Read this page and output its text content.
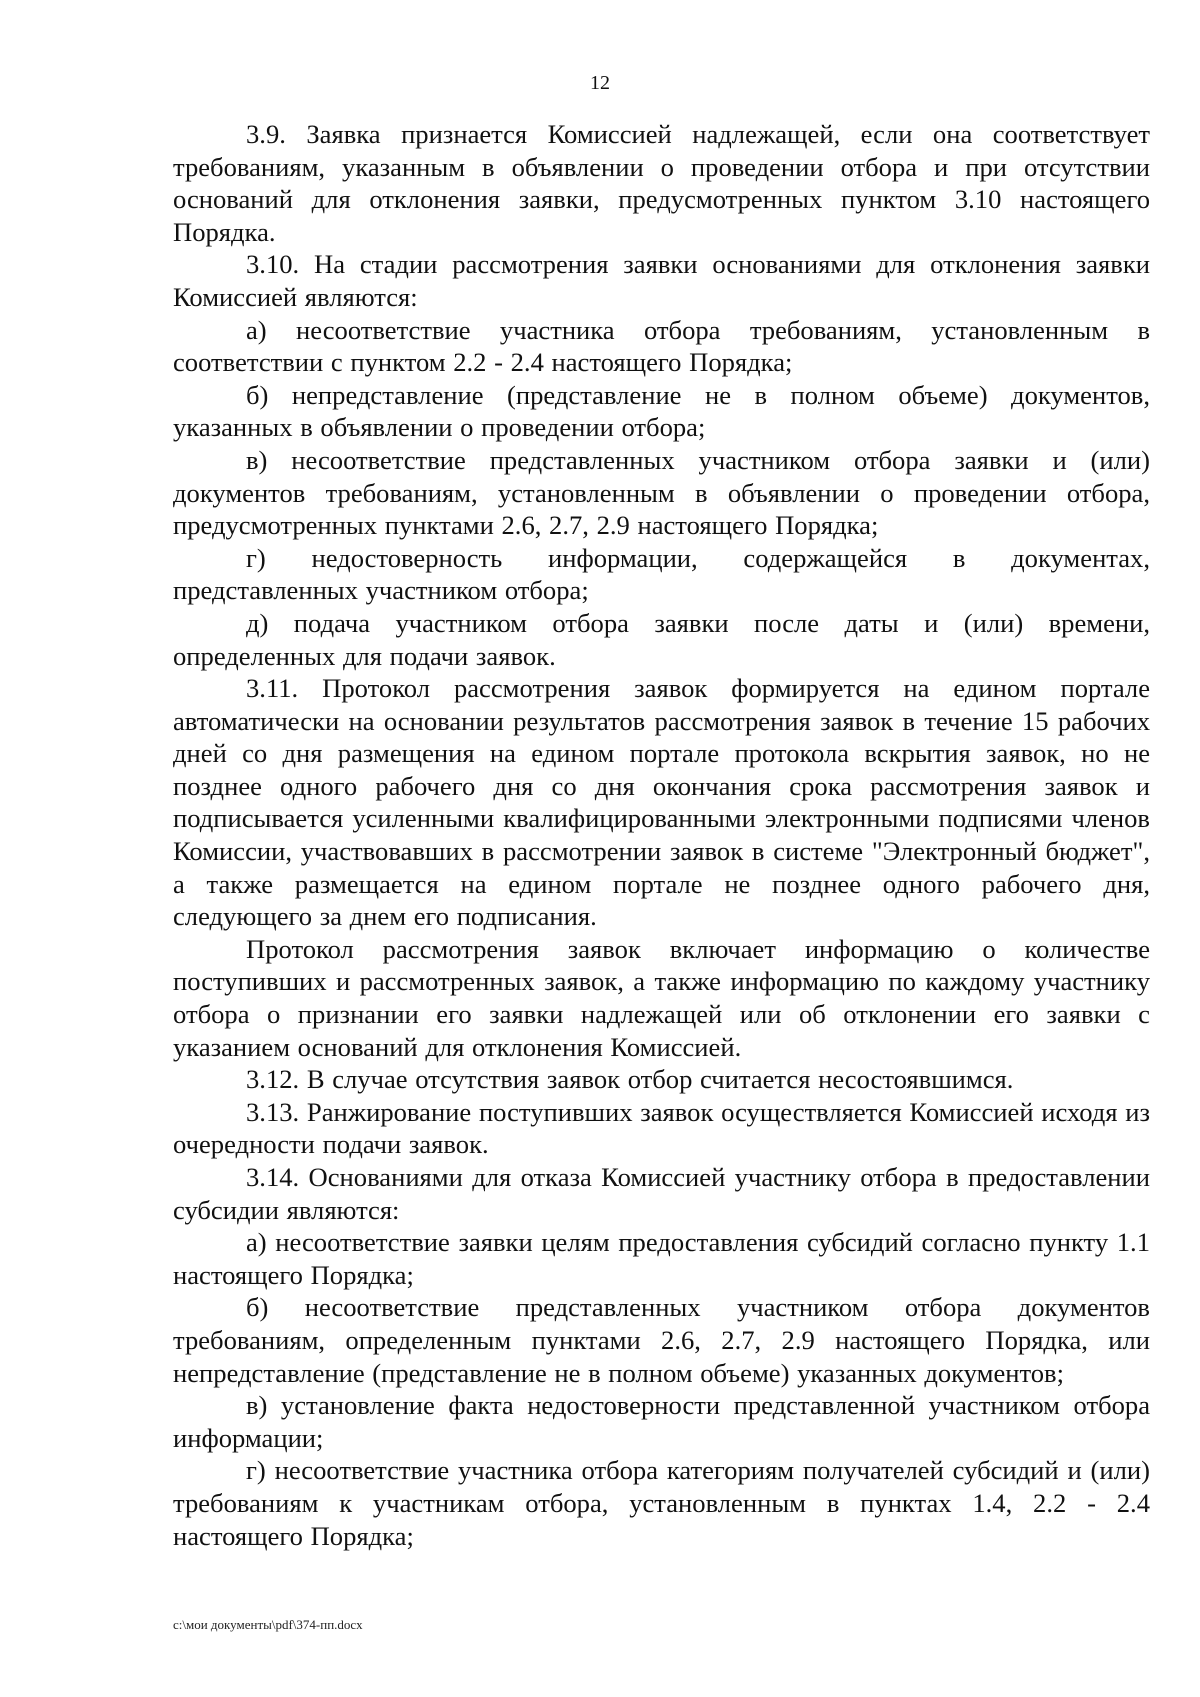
12

3.9. Заявка признается Комиссией надлежащей, если она соответствует требованиям, указанным в объявлении о проведении отбора и при отсутствии оснований для отклонения заявки, предусмотренных пунктом 3.10 настоящего Порядка.

3.10. На стадии рассмотрения заявки основаниями для отклонения заявки Комиссией являются:

а) несоответствие участника отбора требованиям, установленным в соответствии с пунктом 2.2 - 2.4 настоящего Порядка;

б) непредставление (представление не в полном объеме) документов, указанных в объявлении о проведении отбора;

в) несоответствие представленных участником отбора заявки и (или) документов требованиям, установленным в объявлении о проведении отбора, предусмотренных пунктами 2.6, 2.7, 2.9 настоящего Порядка;

г) недостоверность информации, содержащейся в документах, представленных участником отбора;

д) подача участником отбора заявки после даты и (или) времени, определенных для подачи заявок.

3.11. Протокол рассмотрения заявок формируется на едином портале автоматически на основании результатов рассмотрения заявок в течение 15 рабочих дней со дня размещения на едином портале протокола вскрытия заявок, но не позднее одного рабочего дня со дня окончания срока рассмотрения заявок и подписывается усиленными квалифицированными электронными подписями членов Комиссии, участвовавших в рассмотрении заявок в системе "Электронный бюджет", а также размещается на едином портале не позднее одного рабочего дня, следующего за днем его подписания.

Протокол рассмотрения заявок включает информацию о количестве поступивших и рассмотренных заявок, а также информацию по каждому участнику отбора о признании его заявки надлежащей или об отклонении его заявки с указанием оснований для отклонения Комиссией.

3.12. В случае отсутствия заявок отбор считается несостоявшимся.

3.13. Ранжирование поступивших заявок осуществляется Комиссией исходя из очередности подачи заявок.

3.14. Основаниями для отказа Комиссией участнику отбора в предоставлении субсидии являются:

а) несоответствие заявки целям предоставления субсидий согласно пункту 1.1 настоящего Порядка;

б) несоответствие представленных участником отбора документов требованиям, определенным пунктами 2.6, 2.7, 2.9 настоящего Порядка, или непредставление (представление не в полном объеме) указанных документов;

в) установление факта недостоверности представленной участником отбора информации;

г) несоответствие участника отбора категориям получателей субсидий и (или) требованиям к участникам отбора, установленным в пунктах 1.4, 2.2 - 2.4 настоящего Порядка;

c:\мои документы\pdf\374-пп.docx
